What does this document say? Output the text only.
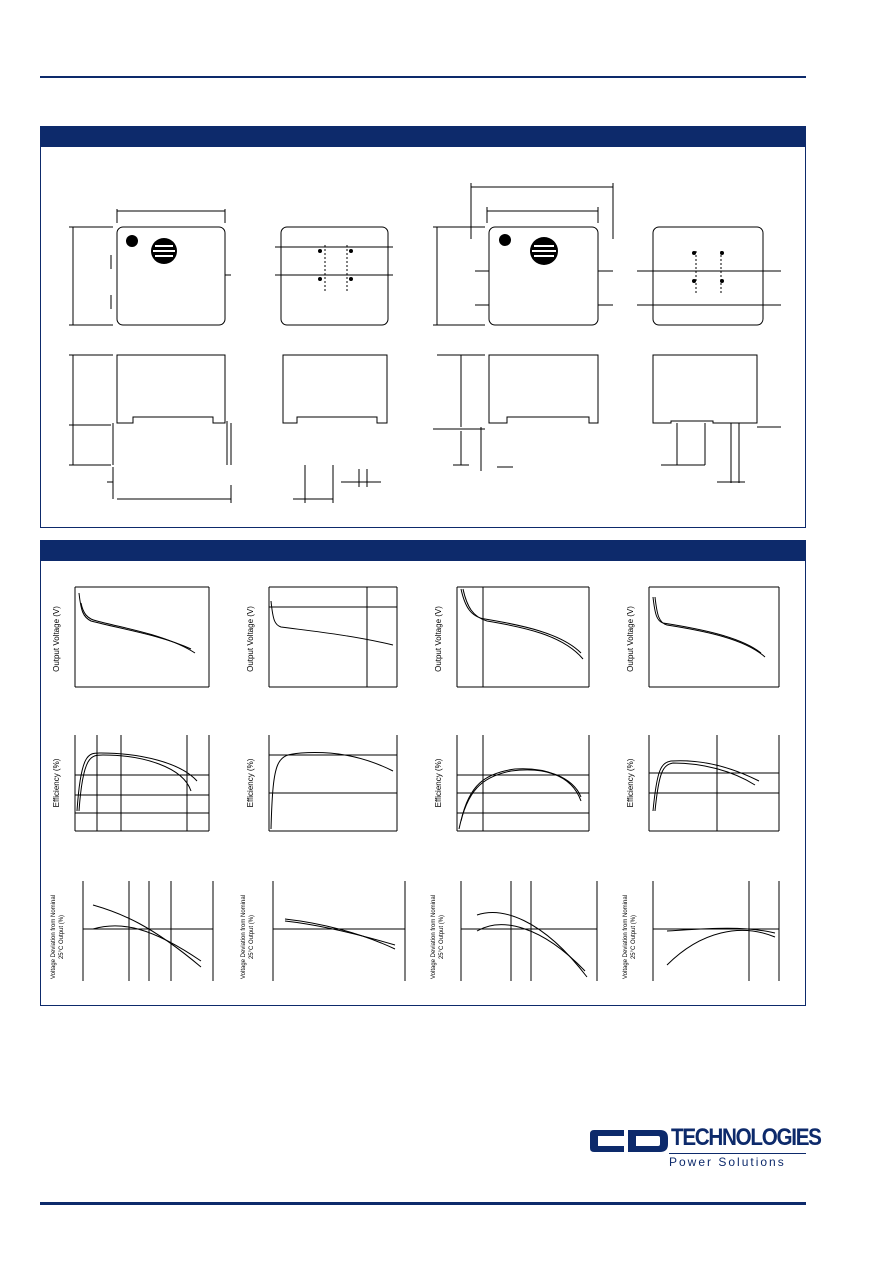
Output Voltage (V)	Output Voltage (V)	Output Voltage (V)	Output Voltage (V)
Efficiency (%)	Efficiency (%)	Efficiency (%)	Efficiency (%)
Voltage Deviation from Nominal 25°C Output (%)	Voltage Deviation from Nominal 25°C Output (%)	Voltage Deviation from Nominal 25°C Output (%)	Voltage Deviation from Nominal 25°C Output (%)
TECHNOLOGIES
Power Solutions
